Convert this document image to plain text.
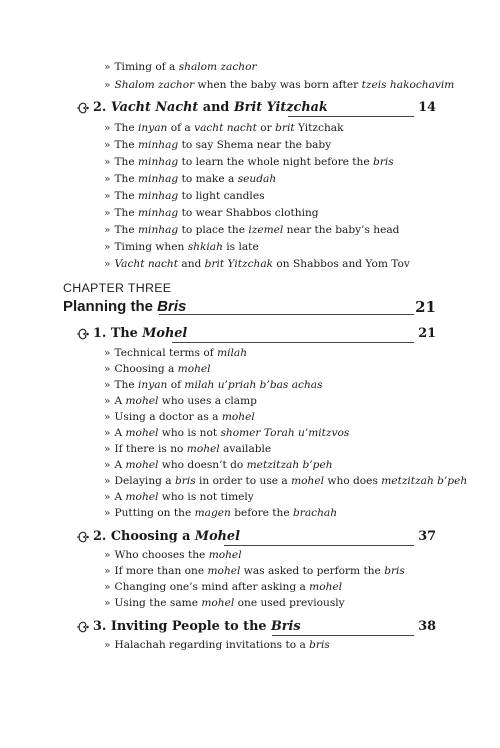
» Timing of a shalom zachor
» Shalom zachor when the baby was born after tzeis hakochavim
2. Vacht Nacht and Brit Yitzchak	14
» The inyan of a vacht nacht or brit Yitzchak
» The minhag to say Shema near the baby
» The minhag to learn the whole night before the bris
» The minhag to make a seudah
» The minhag to light candles
» The minhag to wear Shabbos clothing
» The minhag to place the izemel near the baby’s head
» Timing when shkiah is late
» Vacht nacht and brit Yitzchak on Shabbos and Yom Tov
CHAPTER THREE
Planning the Bris	21
1. The Mohel	21
» Technical terms of milah
» Choosing a mohel
» The inyan of milah u’priah b’bas achas
» A mohel who uses a clamp
» Using a doctor as a mohel
» A mohel who is not shomer Torah u’mitzvos
» If there is no mohel available
» A mohel who doesn’t do metzitzah b’peh
» Delaying a bris in order to use a mohel who does metzitzah b’peh
» A mohel who is not timely
» Putting on the magen before the brachah
2. Choosing a Mohel	37
» Who chooses the mohel
» If more than one mohel was asked to perform the bris
» Changing one’s mind after asking a mohel
» Using the same mohel one used previously
3. Inviting People to the Bris	38
» Halachah regarding invitations to a bris
